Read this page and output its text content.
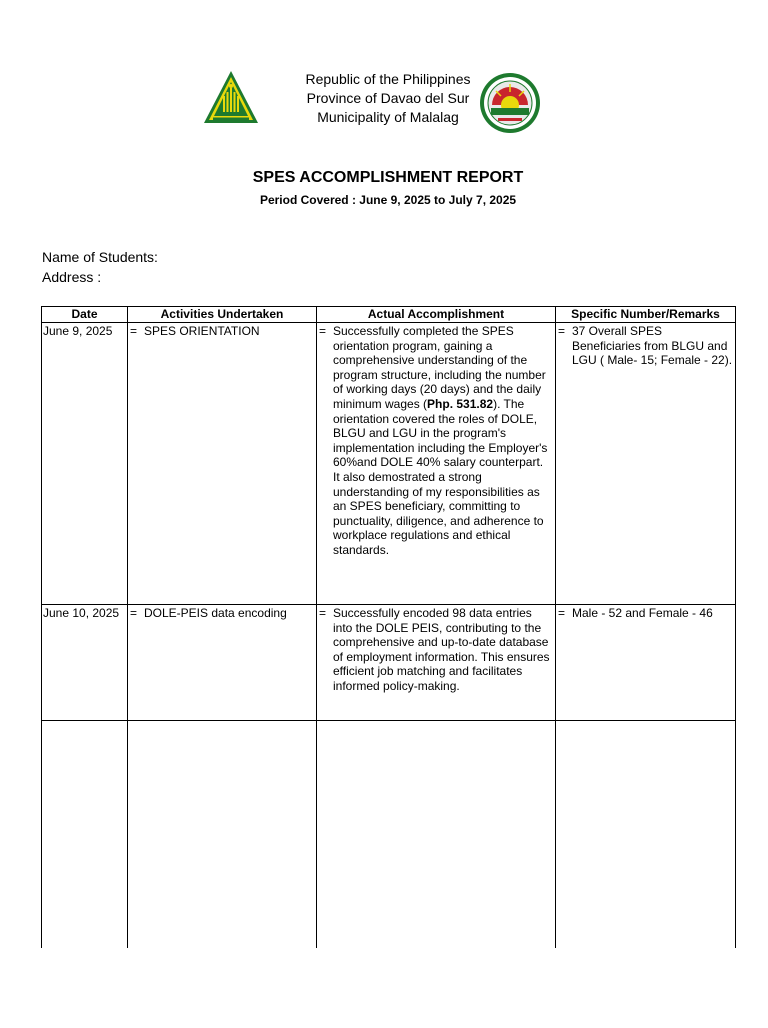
Republic of the Philippines
Province of Davao del Sur
Municipality of Malalag
SPES ACCOMPLISHMENT REPORT
Period Covered : June 9, 2025 to July 7, 2025
Name of Students:
Address :
Date	Activities Undertaken	Actual Accomplishment	Specific Number/Remarks
June 9, 2025	= SPES ORIENTATION	= Successfully completed the SPES orientation program, gaining a comprehensive understanding of the program structure, including the number of working days (20 days) and the daily minimum wages (Php. 531.82). The orientation covered the roles of DOLE, BLGU and LGU in the program's implementation including the Employer's 60%and DOLE 40% salary counterpart. It also demostrated a strong understanding of my responsibilities as an SPES beneficiary, committing to punctuality, diligence, and adherence to workplace regulations and ethical standards.	= 37 Overall SPES Beneficiaries from BLGU and LGU ( Male- 15; Female - 22).

June 10, 2025	= DOLE-PEIS data encoding	= Successfully encoded 98 data entries into the DOLE PEIS, contributing to the comprehensive and up-to-date database of employment information. This ensures efficient job matching and facilitates informed policy-making.	= Male - 52 and Female - 46
